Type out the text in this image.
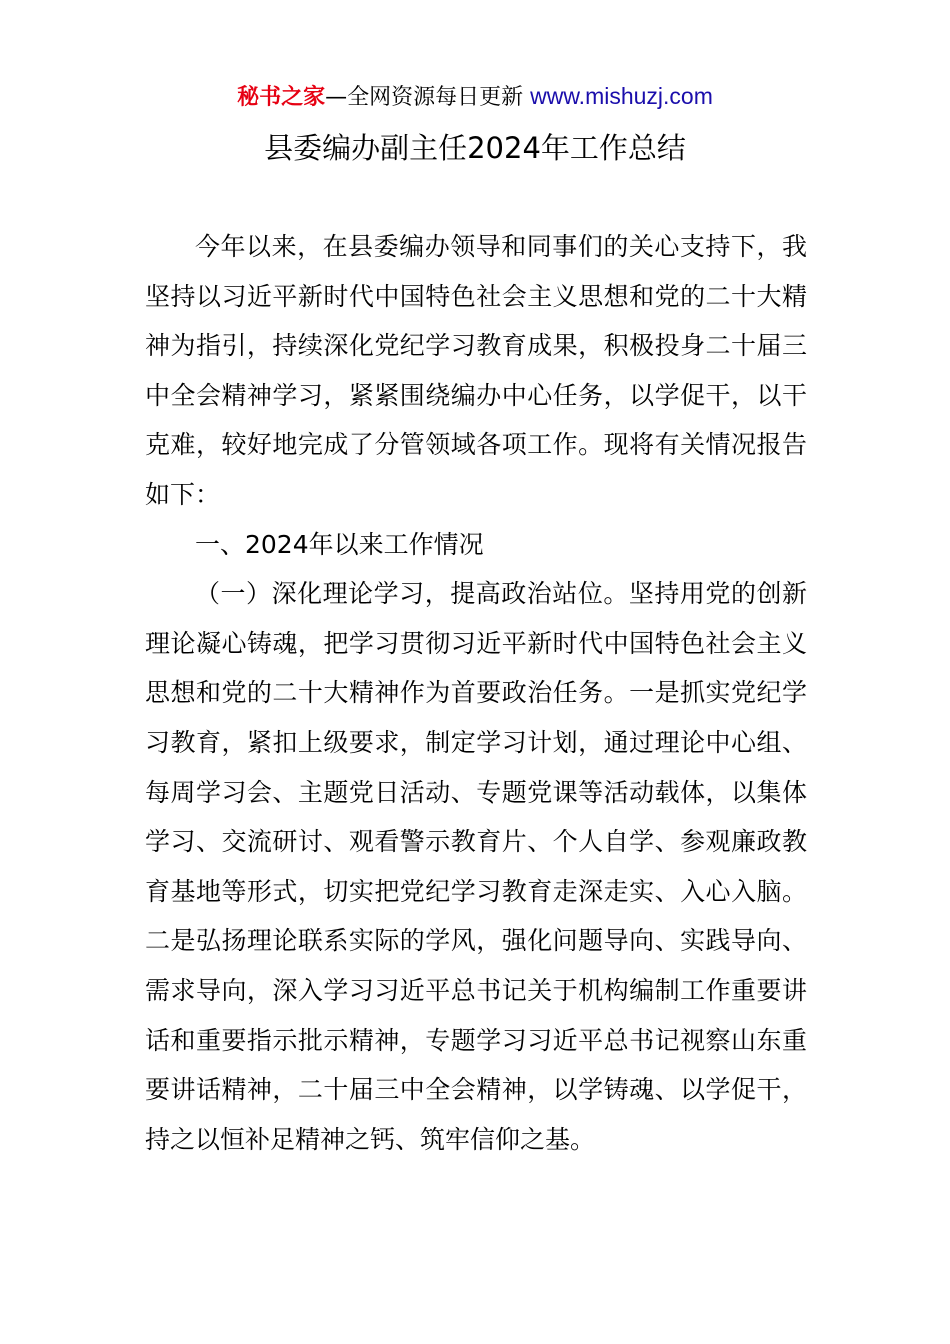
秘书之家—全网资源每日更新 www.mishuzj.com
县委编办副主任2024年工作总结

今年以来，在县委编办领导和同事们的关心支持下，我坚持以习近平新时代中国特色社会主义思想和党的二十大精神为指引，持续深化党纪学习教育成果，积极投身二十届三中全会精神学习，紧紧围绕编办中心任务，以学促干，以干克难，较好地完成了分管领域各项工作。现将有关情况报告如下：

一、2024年以来工作情况

（一）深化理论学习，提高政治站位。坚持用党的创新理论凝心铸魂，把学习贯彻习近平新时代中国特色社会主义思想和党的二十大精神作为首要政治任务。一是抓实党纪学习教育，紧扣上级要求，制定学习计划，通过理论中心组、每周学习会、主题党日活动、专题党课等活动载体，以集体学习、交流研讨、观看警示教育片、个人自学、参观廉政教育基地等形式，切实把党纪学习教育走深走实、入心入脑。二是弘扬理论联系实际的学风，强化问题导向、实践导向、需求导向，深入学习习近平总书记关于机构编制工作重要讲话和重要指示批示精神，专题学习习近平总书记视察山东重要讲话精神，二十届三中全会精神，以学铸魂、以学促干，持之以恒补足精神之钙、筑牢信仰之基。
